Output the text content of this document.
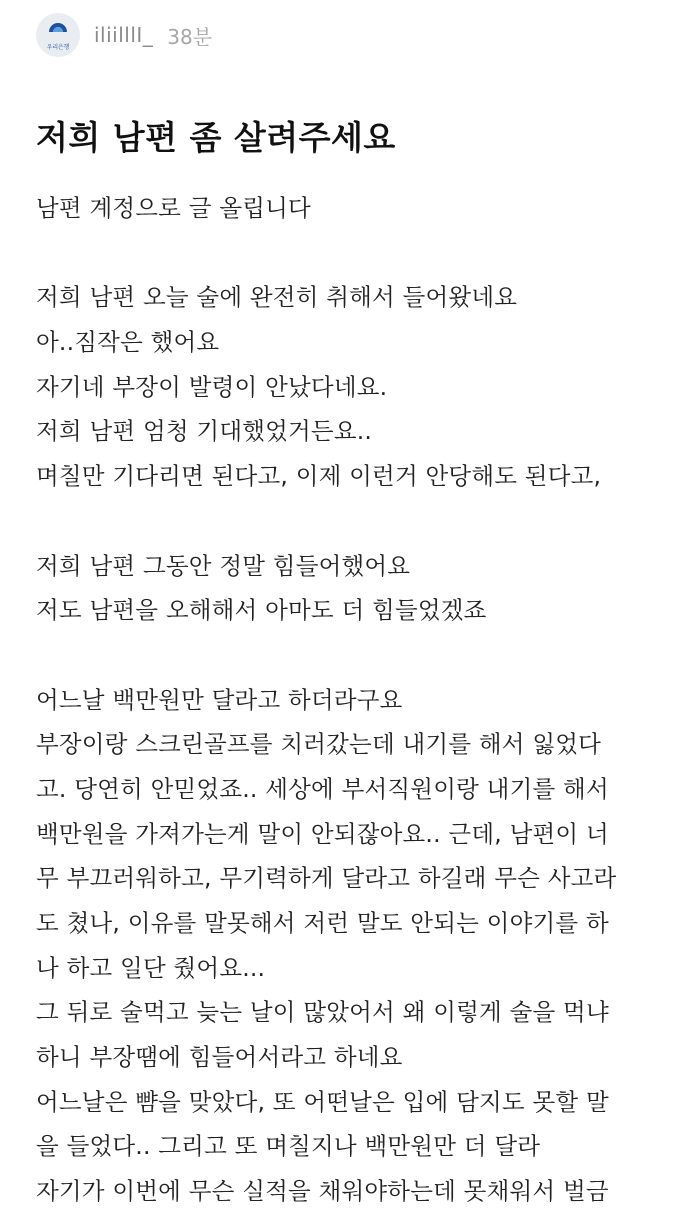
우리은행 iliilllI_ 38분
저희 남편 좀 살려주세요
남편 계정으로 글 올립니다
저희 남편 오늘 술에 완전히 취해서 들어왔네요
아..짐작은 했어요
자기네 부장이 발령이 안났다네요.
저희 남편 엄청 기대했었거든요..
며칠만 기다리면 된다고, 이제 이런거 안당해도 된다고,
저희 남편 그동안 정말 힘들어했어요
저도 남편을 오해해서 아마도 더 힘들었겠죠
어느날 백만원만 달라고 하더라구요
부장이랑 스크린골프를 치러갔는데 내기를 해서 잃었다
고. 당연히 안믿었죠.. 세상에 부서직원이랑 내기를 해서
백만원을 가져가는게 말이 안되잖아요.. 근데, 남편이 너
무 부끄러워하고, 무기력하게 달라고 하길래 무슨 사고라
도 쳤나, 이유를 말못해서 저런 말도 안되는 이야기를 하
나 하고 일단 줬어요...
그 뒤로 술먹고 늦는 날이 많았어서 왜 이렇게 술을 먹냐
하니 부장땜에 힘들어서라고 하네요
어느날은 뺨을 맞았다, 또 어떤날은 입에 담지도 못할 말
을 들었다.. 그리고 또 며칠지나 백만원만 더 달라
자기가 이번에 무슨 실적을 채워야하는데 못채워서 벌금
